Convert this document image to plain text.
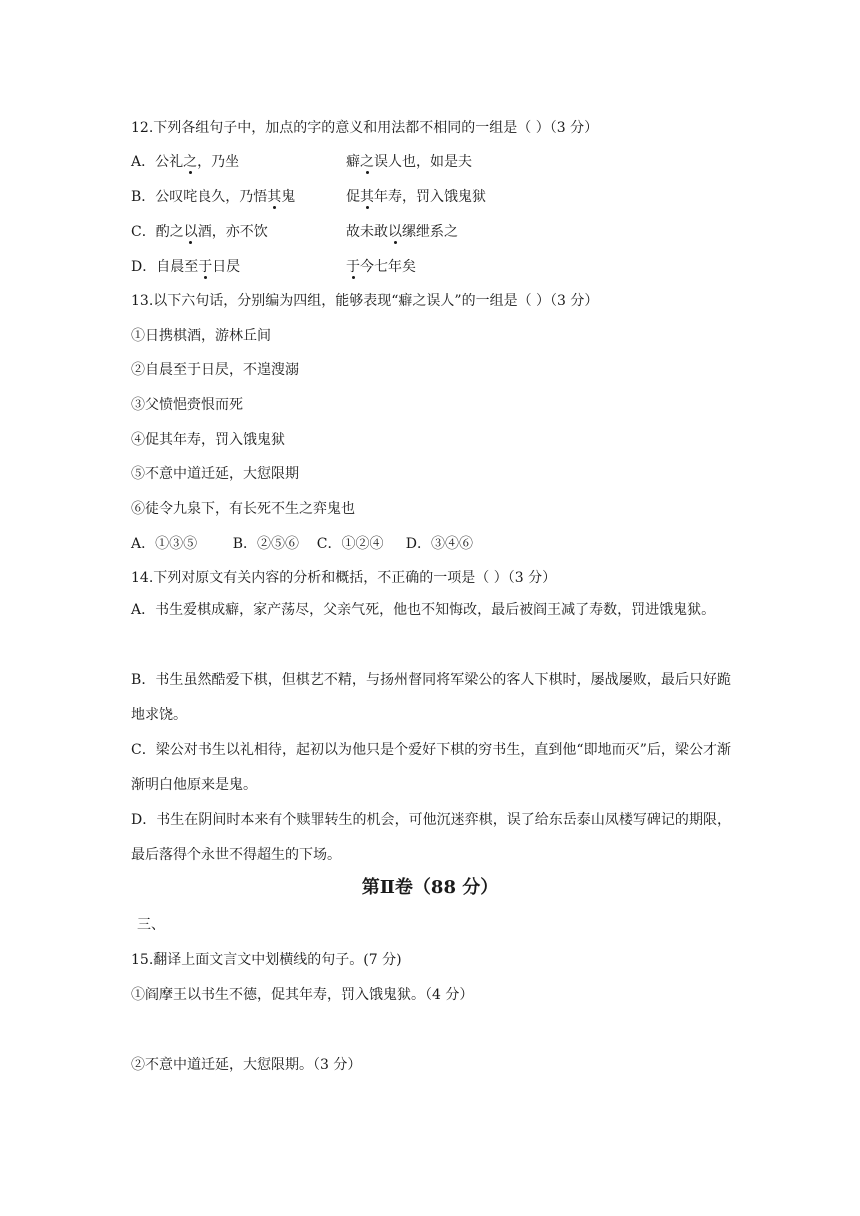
12.下列各组句子中，加点的字的意义和用法都不相同的一组是（ ）（3 分）
A．公礼之，乃坐	癖之误人也，如是夫
B．公叹咤良久，乃悟其鬼	促其年寿，罚入饿鬼狱
C．酌之以酒，亦不饮	故未敢以缧绁系之
D．自晨至于日昃	于今七年矣
13.以下六句话，分别编为四组，能够表现“癖之误人”的一组是（ ）（3 分）
①日携棋酒，游林丘间
②自晨至于日昃，不遑溲溺
③父愤悒赍恨而死
④促其年寿，罚入饿鬼狱
⑤不意中道迁延，大愆限期
⑥徒令九泉下，有长死不生之弈鬼也
A．①③⑤        B．②⑤⑥    C．①②④     D．③④⑥
14.下列对原文有关内容的分析和概括，不正确的一项是（ ）（3 分）
A．书生爱棋成癖，家产荡尽，父亲气死，他也不知悔改，最后被阎王减了寿数，罚进饿鬼狱。
B．书生虽然酷爱下棋，但棋艺不精，与扬州督同将军梁公的客人下棋时，屡战屡败，最后只好跪地求饶。
C．梁公对书生以礼相待，起初以为他只是个爱好下棋的穷书生，直到他“即地而灭”后，梁公才渐渐明白他原来是鬼。
D．书生在阴间时本来有个赎罪转生的机会，可他沉迷弈棋，误了给东岳泰山凤楼写碑记的期限，最后落得个永世不得超生的下场。
第Ⅱ卷（88 分）
三、
15.翻译上面文言文中划横线的句子。(7 分)
①阎摩王以书生不德，促其年寿，罚入饿鬼狱。（4 分）
②不意中道迁延，大愆限期。（3 分）
